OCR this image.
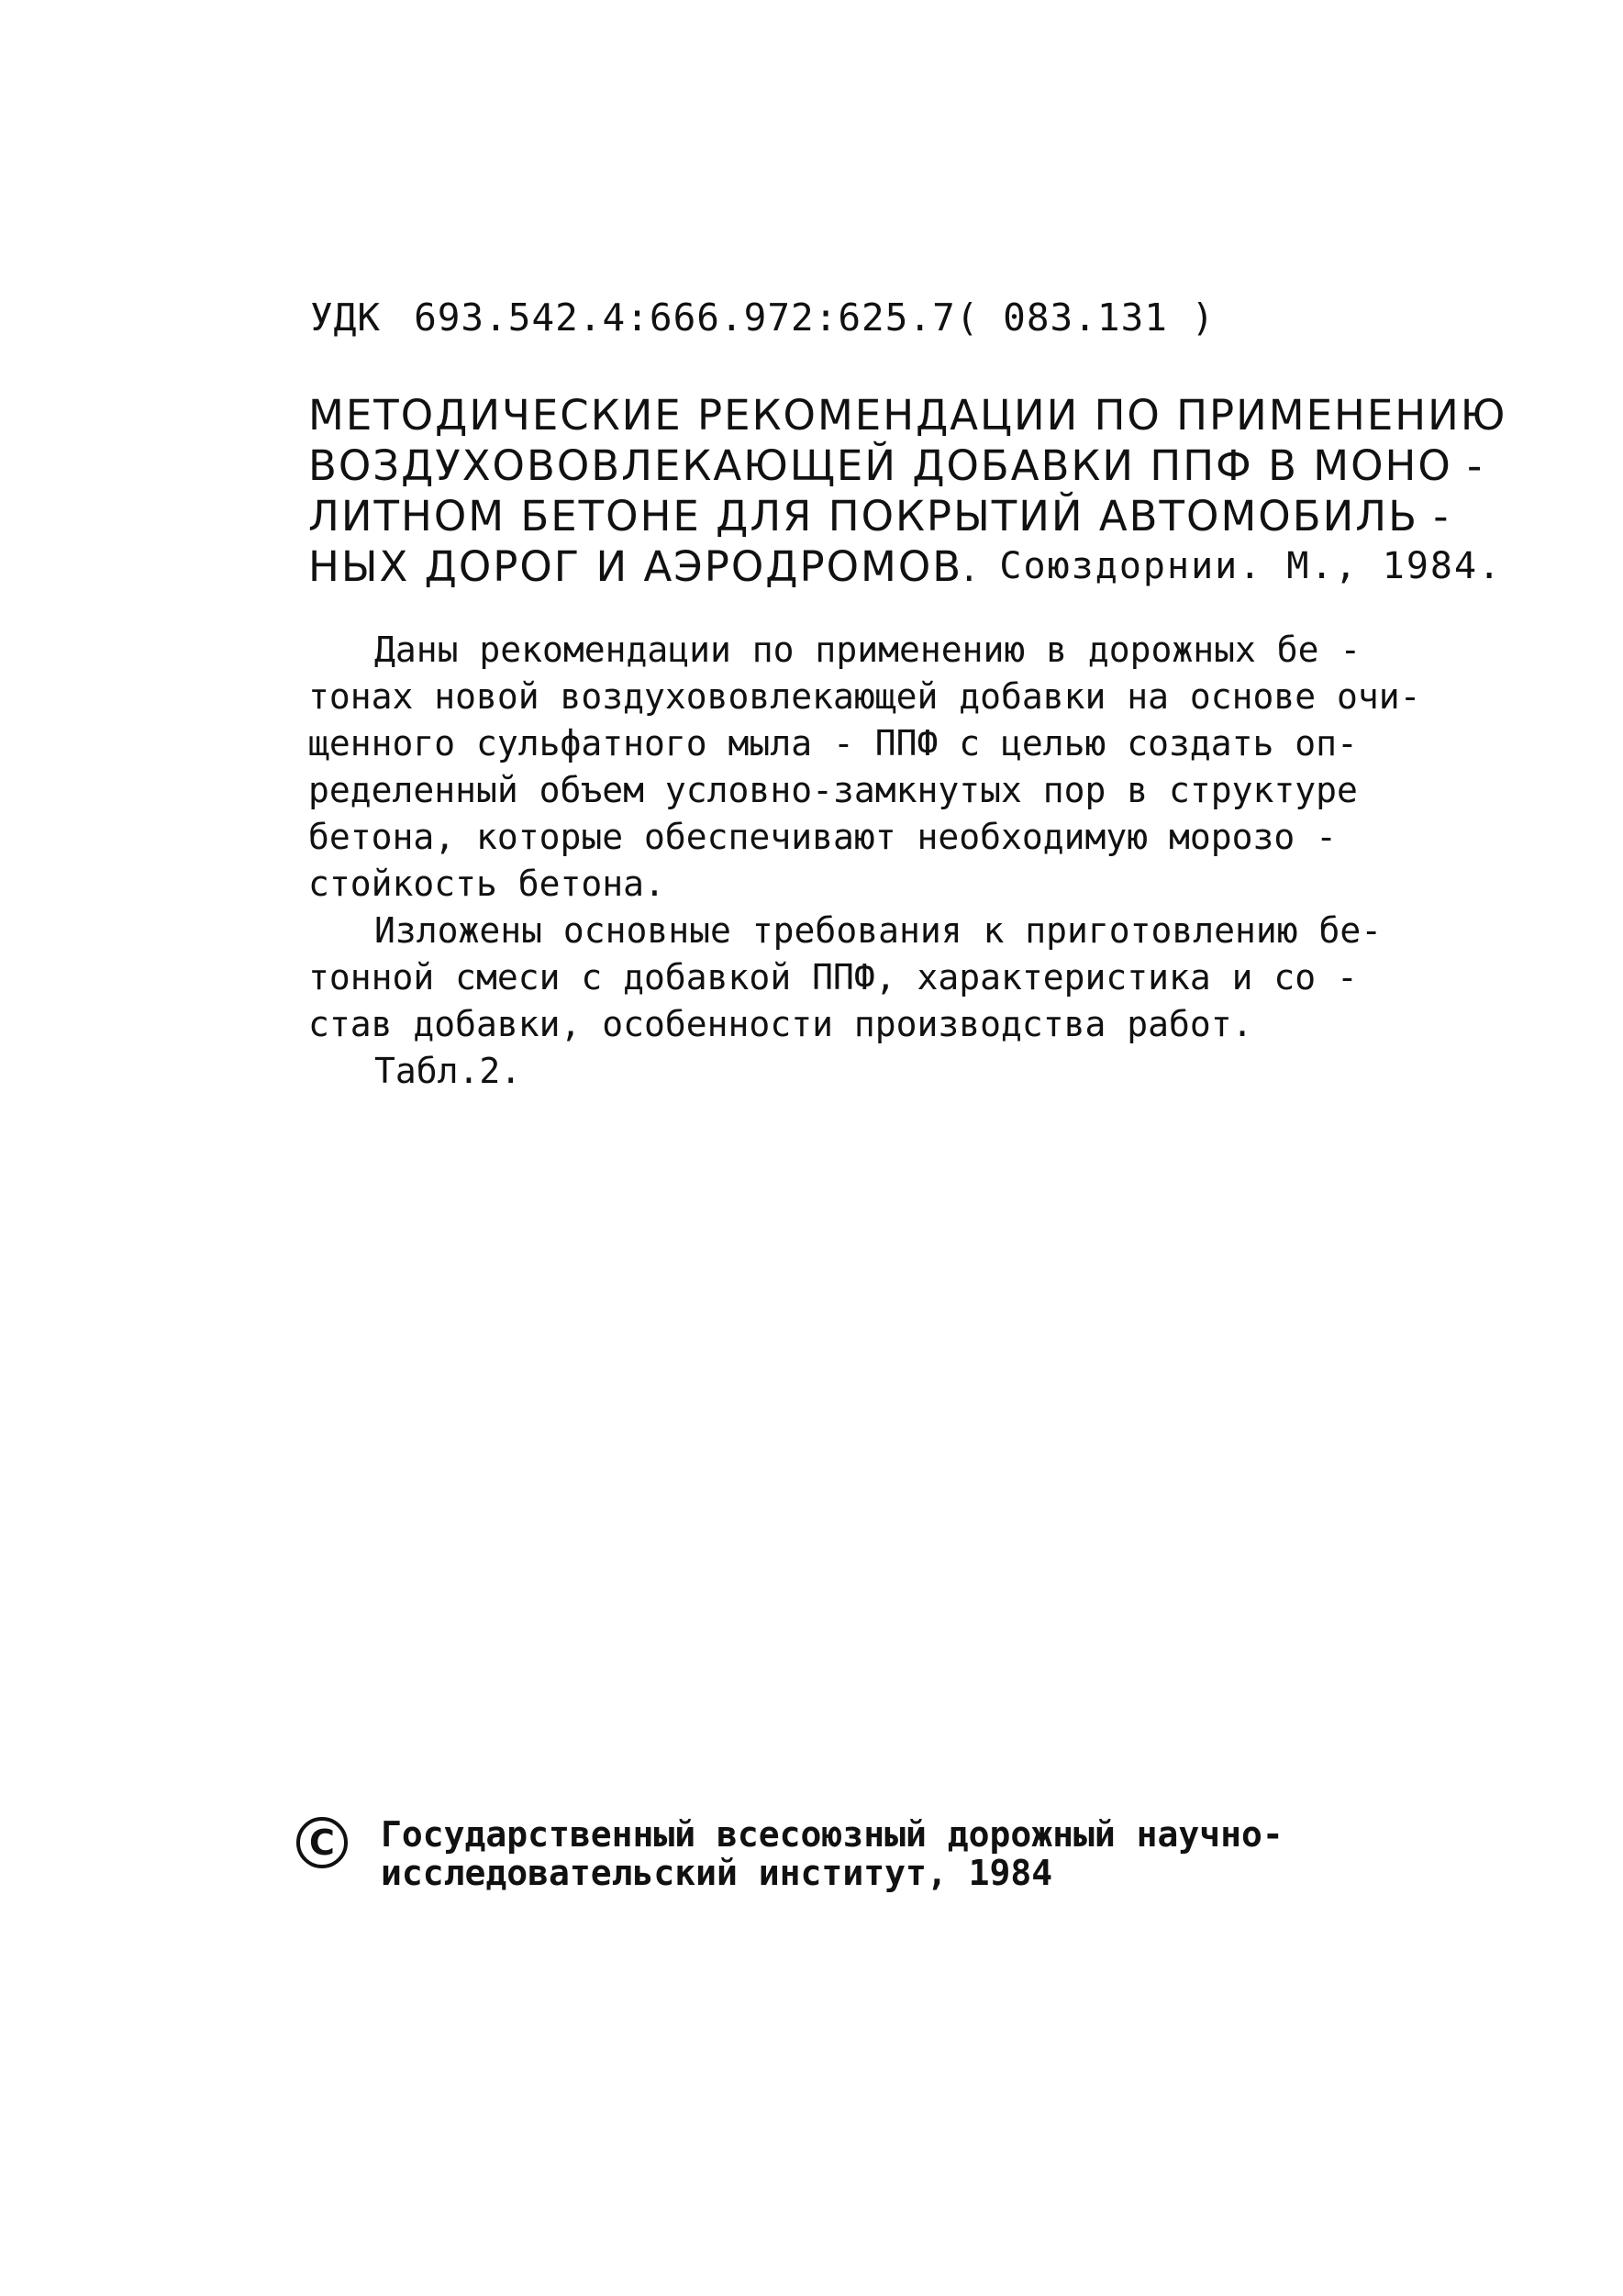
УДК 693.542.4:666.972:625.7( 083.131 )
МЕТОДИЧЕСКИЕ РЕКОМЕНДАЦИИ ПО ПРИМЕНЕНИЮ
ВОЗДУХОВОВЛЕКАЮЩЕЙ ДОБАВКИ ППФ В МОНО -
ЛИТНОМ БЕТОНЕ ДЛЯ ПОКРЫТИЙ АВТОМОБИЛЬ -
НЫХ ДОРОГ И АЭРОДРОМОВ. Союздорнии. М., 1984.
Даны рекомендации по применению в дорожных бе -
тонах новой воздухововлекающей добавки на основе очи-
щенного сульфатного мыла - ППФ с целью создать оп-
ределенный объем условно-замкнутых пор в структуре
бетона, которые обеспечивают необходимую морозо -
стойкость бетона.
Изложены основные требования к приготовлению бе-
тонной смеси с добавкой ППФ, характеристика и со -
став добавки, особенности производства работ.
Табл.2.
C	Государственный всесоюзный дорожный научно-
исследовательский институт, 1984
